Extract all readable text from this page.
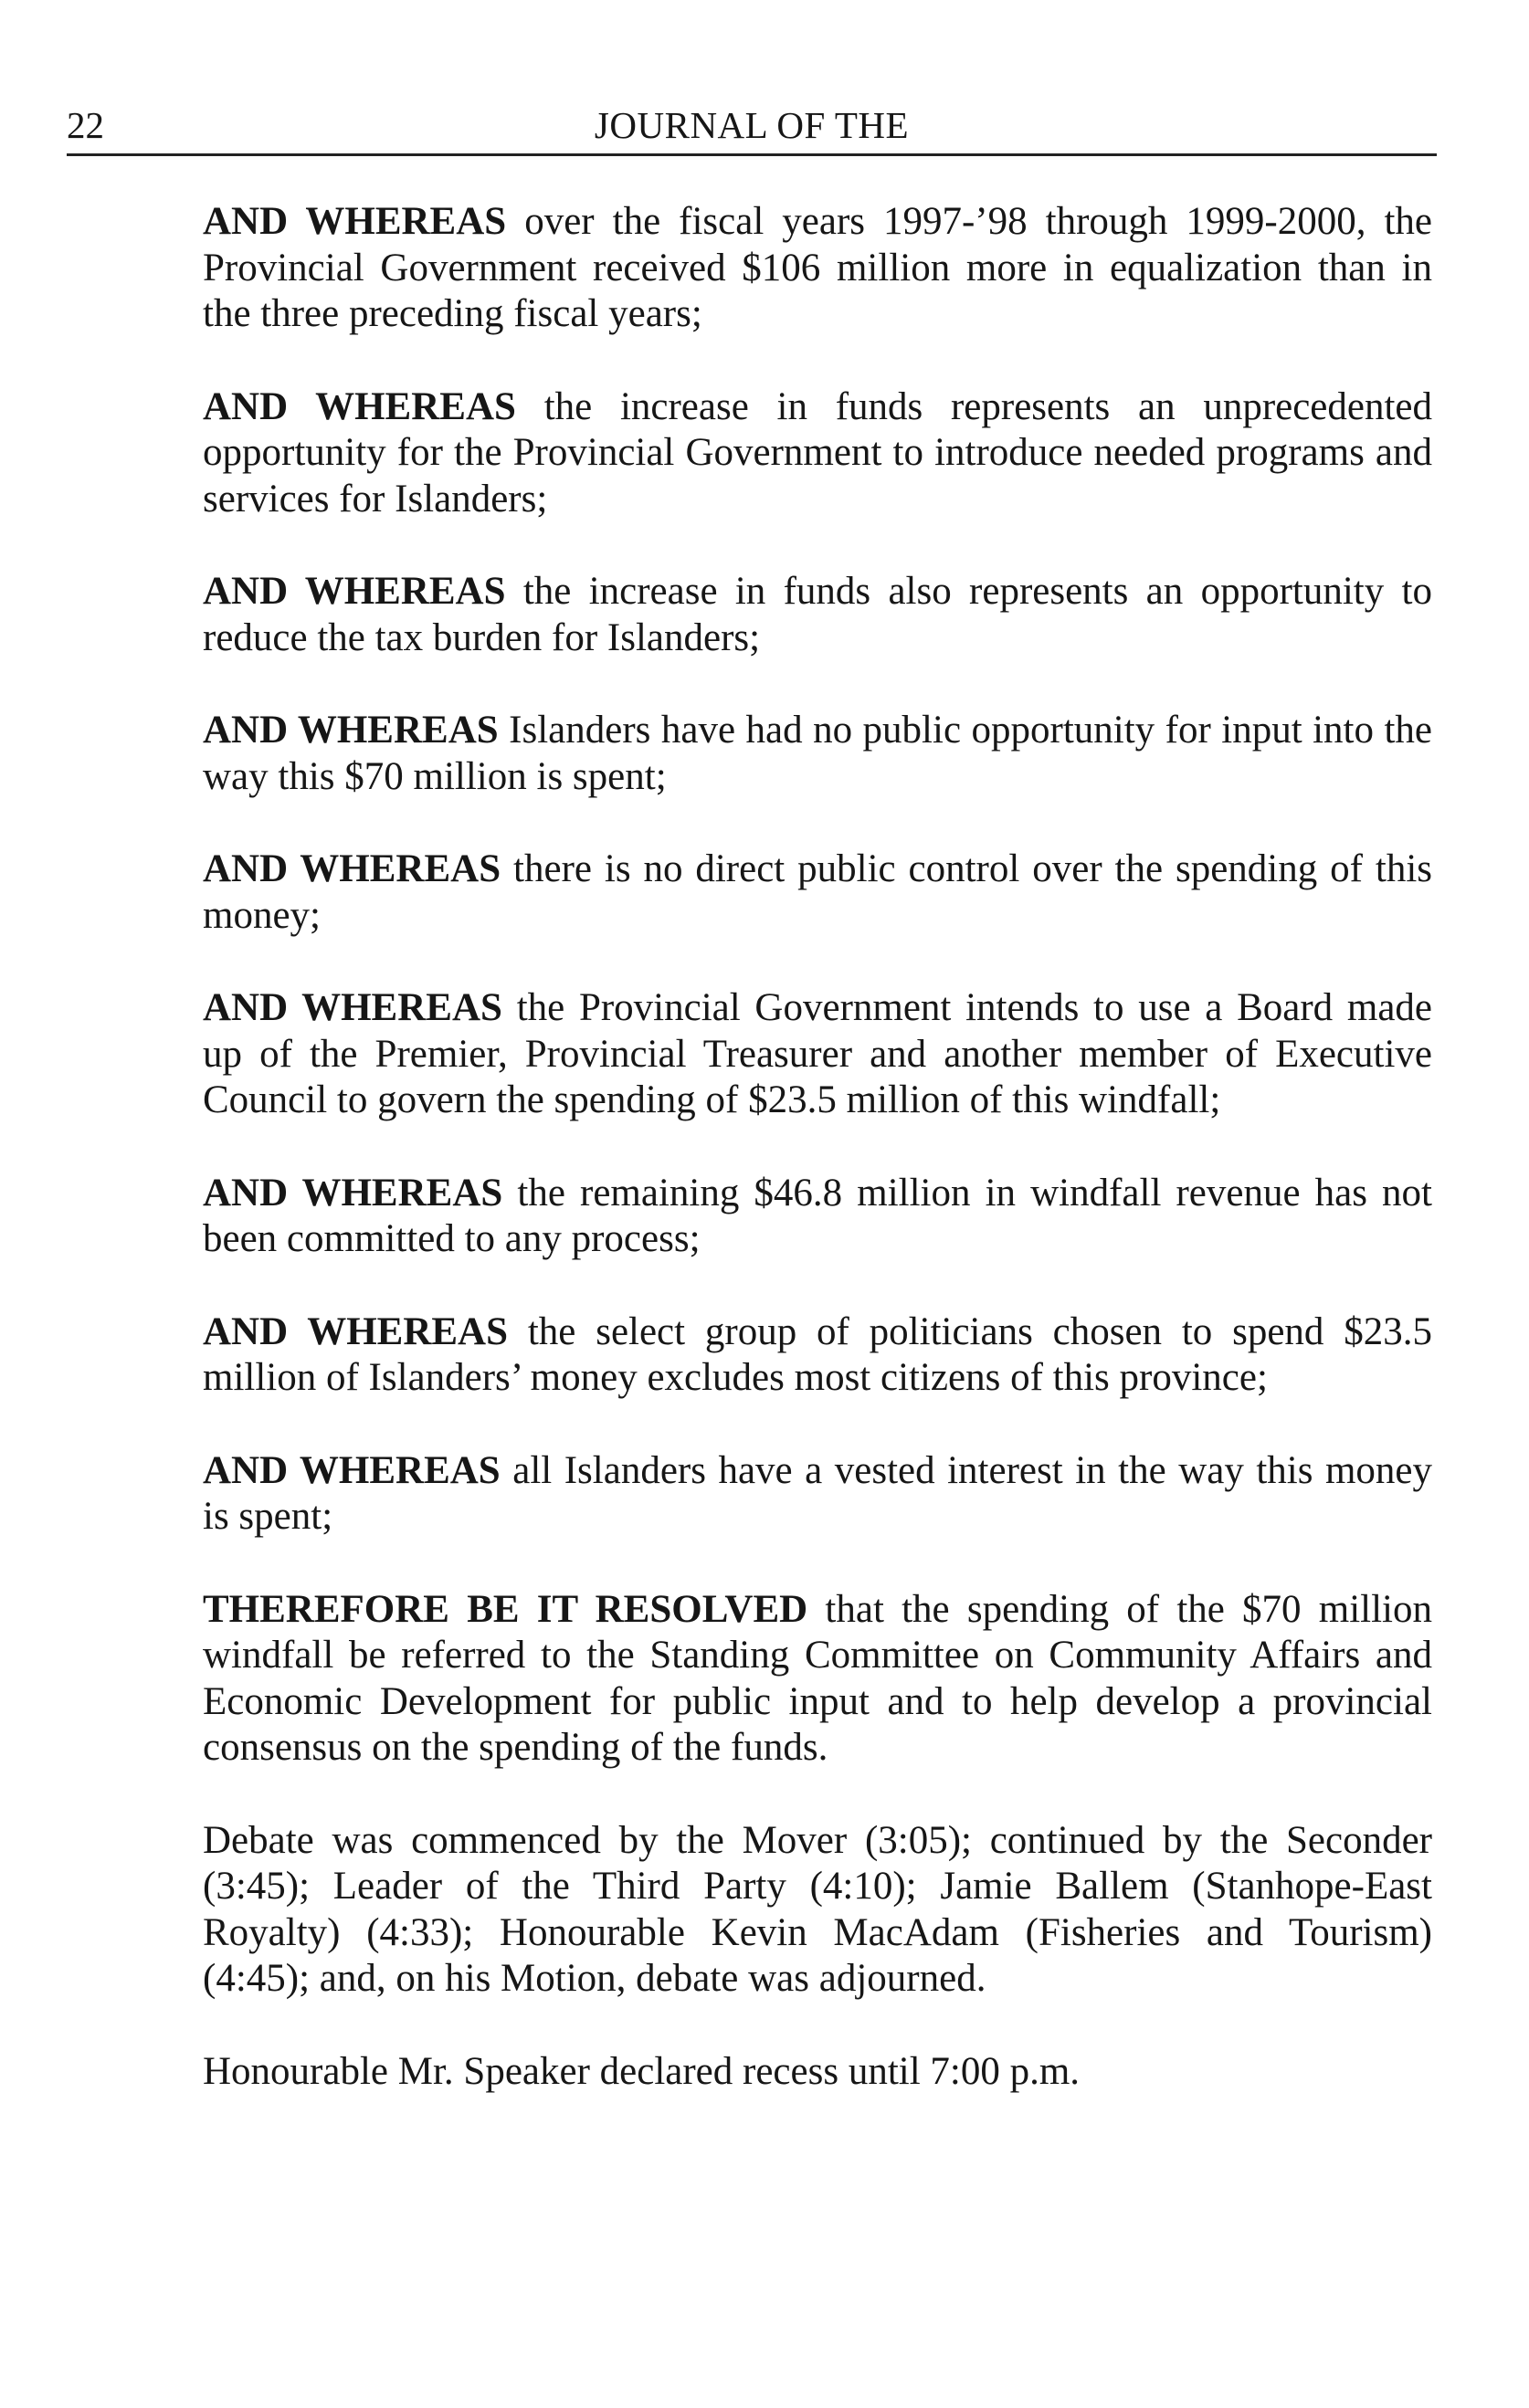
22	JOURNAL OF THE

AND WHEREAS over the fiscal years 1997-’98 through 1999-2000, the Provincial Government received $106 million more in equalization than in the three preceding fiscal years;

AND WHEREAS the increase in funds represents an unprecedented opportunity for the Provincial Government to introduce needed programs and services for Islanders;

AND WHEREAS the increase in funds also represents an opportunity to reduce the tax burden for Islanders;

AND WHEREAS Islanders have had no public opportunity for input into the way this $70 million is spent;

AND WHEREAS there is no direct public control over the spending of this money;

AND WHEREAS the Provincial Government intends to use a Board made up of the Premier, Provincial Treasurer and another member of Executive Council to govern the spending of $23.5 million of this windfall;

AND WHEREAS the remaining $46.8 million in windfall revenue has not been committed to any process;

AND WHEREAS the select group of politicians chosen to spend $23.5 million of Islanders’ money excludes most citizens of this province;

AND WHEREAS all Islanders have a vested interest in the way this money is spent;

THEREFORE BE IT RESOLVED that the spending of the $70 million windfall be referred to the Standing Committee on Community Affairs and Economic Development for public input and to help develop a provincial consensus on the spending of the funds.

Debate was commenced by the Mover (3:05); continued by the Seconder (3:45); Leader of the Third Party (4:10); Jamie Ballem (Stanhope-East Royalty) (4:33); Honourable Kevin MacAdam (Fisheries and Tourism) (4:45); and, on his Motion, debate was adjourned.

Honourable Mr. Speaker declared recess until 7:00 p.m.
